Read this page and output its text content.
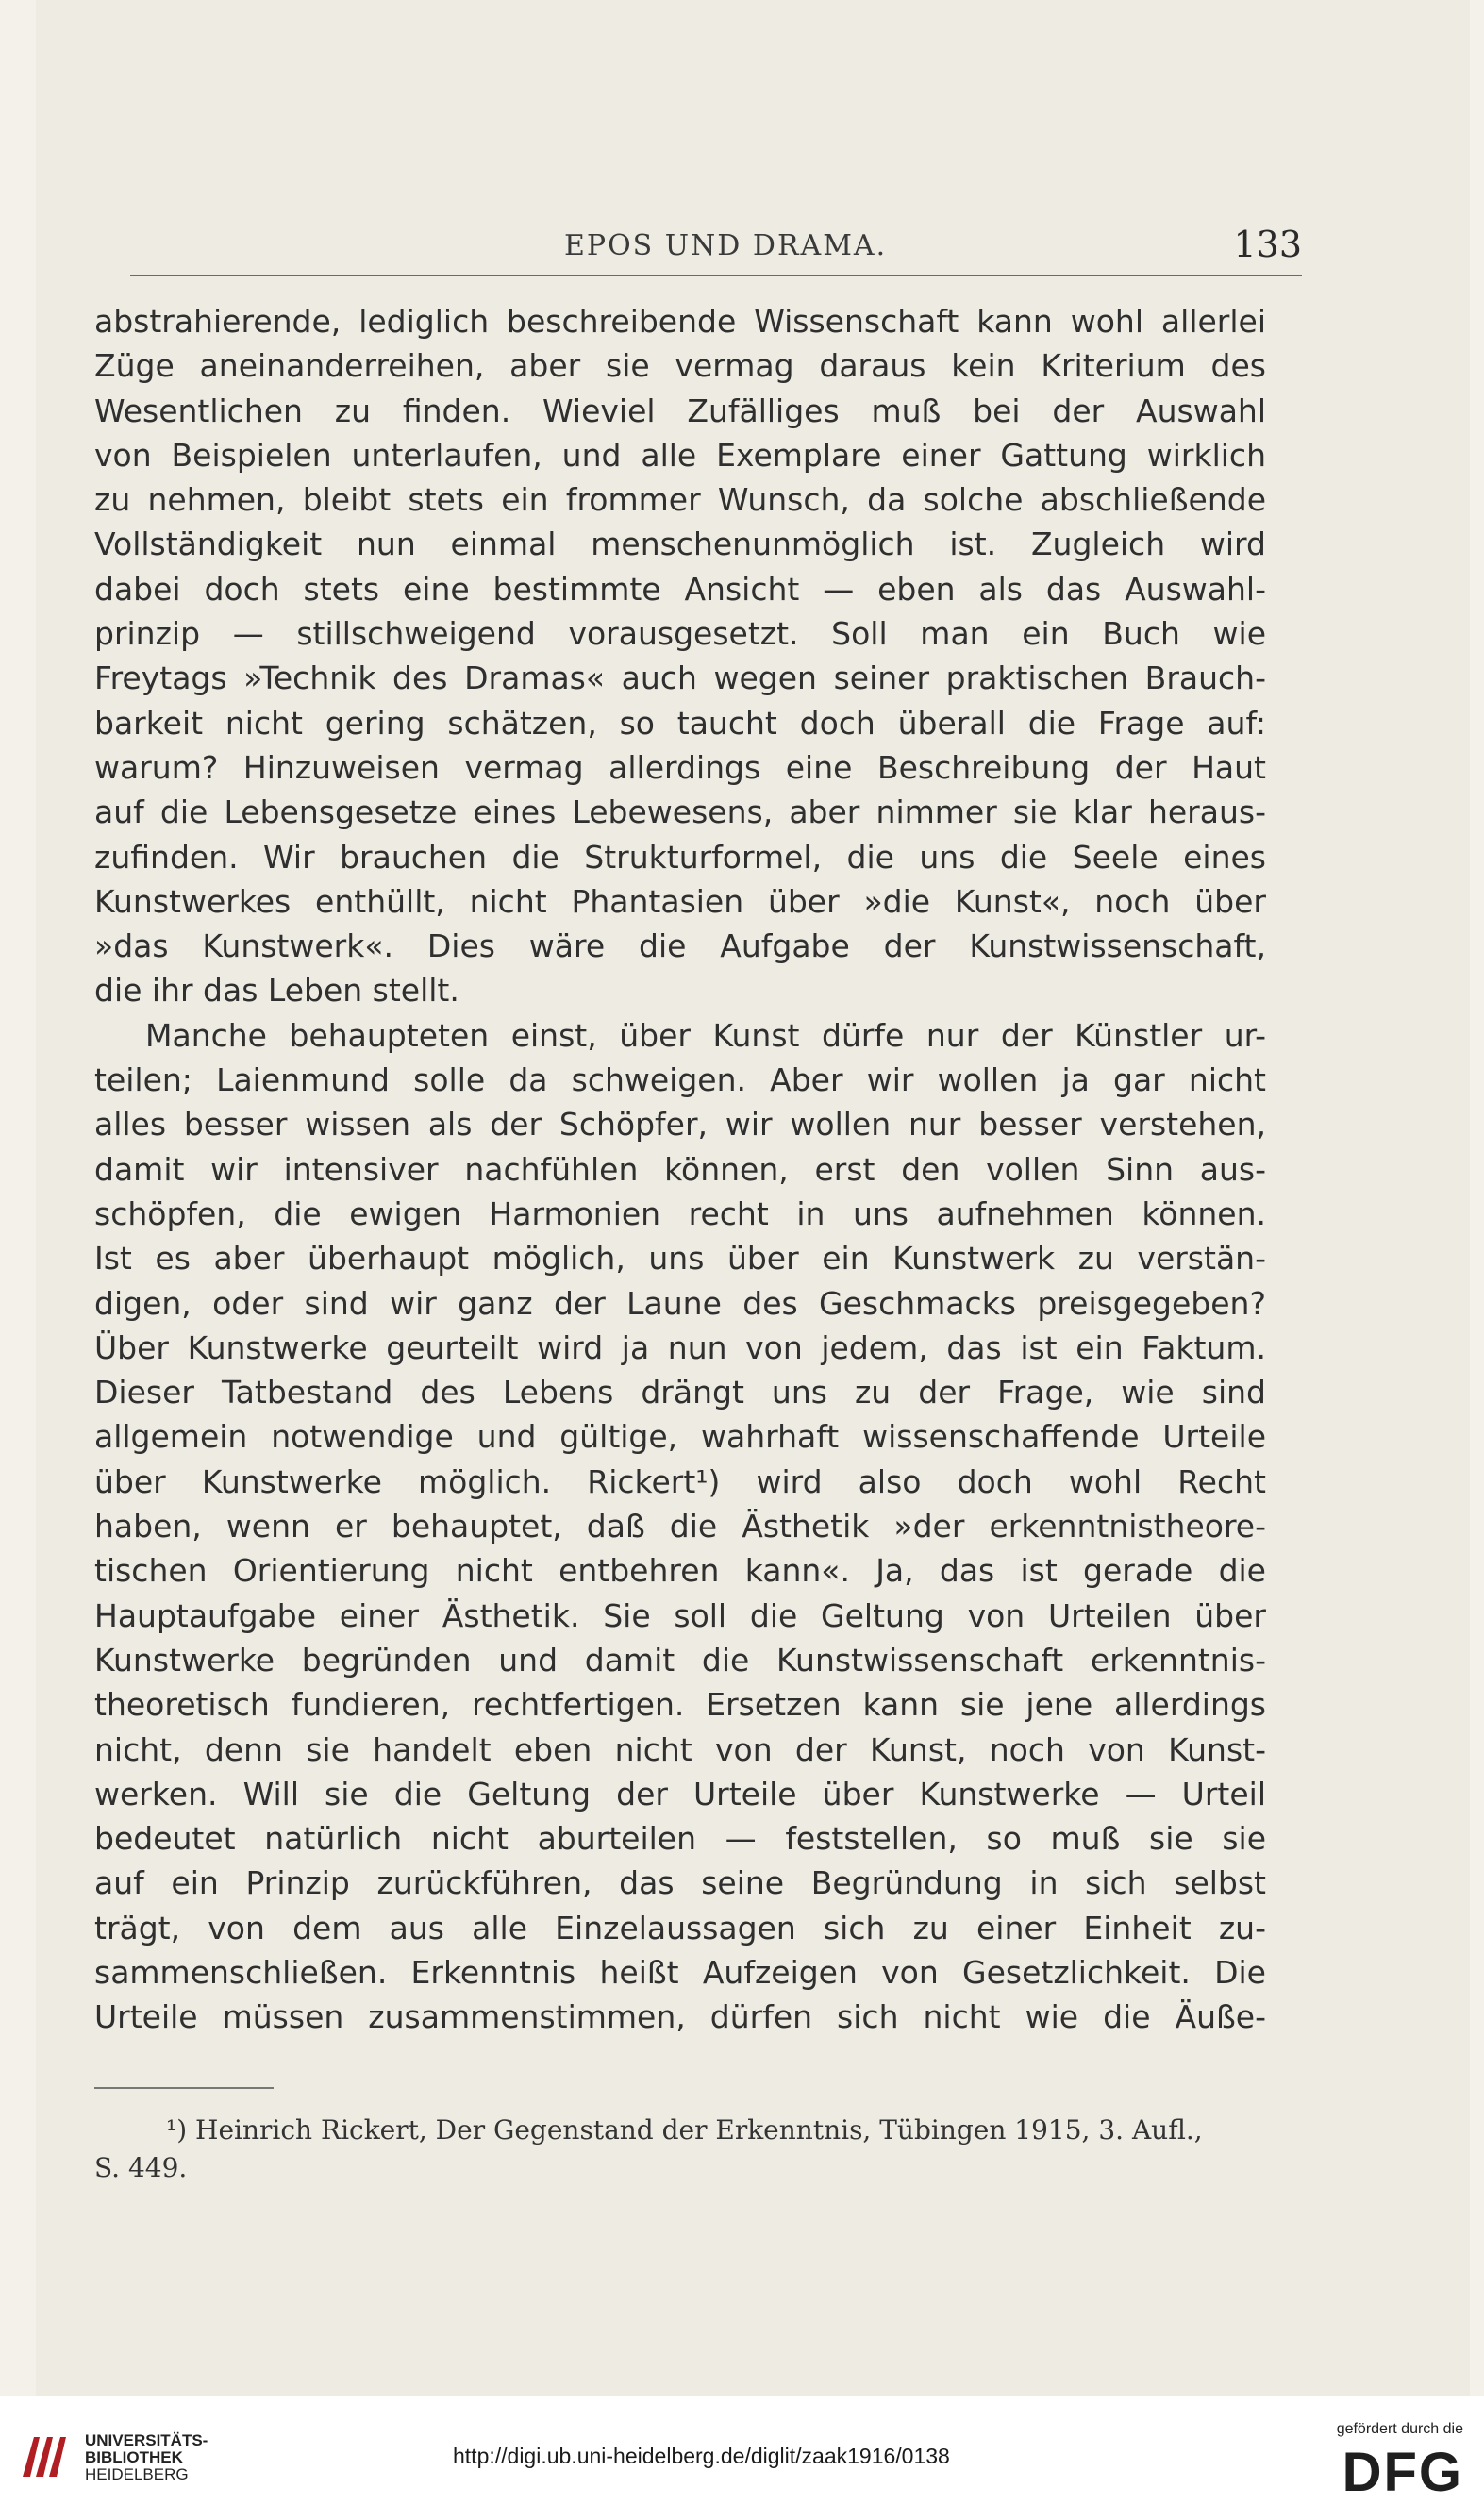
EPOS UND DRAMA.	133

abstrahierende, lediglich beschreibende Wissenschaft kann wohl allerlei
Züge aneinanderreihen, aber sie vermag daraus kein Kriterium des
Wesentlichen zu finden. Wieviel Zufälliges muß bei der Auswahl
von Beispielen unterlaufen, und alle Exemplare einer Gattung wirklich
zu nehmen, bleibt stets ein frommer Wunsch, da solche abschließende
Vollständigkeit nun einmal menschenunmöglich ist. Zugleich wird
dabei doch stets eine bestimmte Ansicht — eben als das Auswahl-
prinzip — stillschweigend vorausgesetzt. Soll man ein Buch wie
Freytags »Technik des Dramas« auch wegen seiner praktischen Brauch-
barkeit nicht gering schätzen, so taucht doch überall die Frage auf:
warum? Hinzuweisen vermag allerdings eine Beschreibung der Haut
auf die Lebensgesetze eines Lebewesens, aber nimmer sie klar heraus-
zufinden. Wir brauchen die Strukturformel, die uns die Seele eines
Kunstwerkes enthüllt, nicht Phantasien über »die Kunst«, noch über
»das Kunstwerk«. Dies wäre die Aufgabe der Kunstwissenschaft,
die ihr das Leben stellt.

Manche behaupteten einst, über Kunst dürfe nur der Künstler ur-
teilen; Laienmund solle da schweigen. Aber wir wollen ja gar nicht
alles besser wissen als der Schöpfer, wir wollen nur besser verstehen,
damit wir intensiver nachfühlen können, erst den vollen Sinn aus-
schöpfen, die ewigen Harmonien recht in uns aufnehmen können.
Ist es aber überhaupt möglich, uns über ein Kunstwerk zu verstän-
digen, oder sind wir ganz der Laune des Geschmacks preisgegeben?
Über Kunstwerke geurteilt wird ja nun von jedem, das ist ein Faktum.
Dieser Tatbestand des Lebens drängt uns zu der Frage, wie sind
allgemein notwendige und gültige, wahrhaft wissenschaffende Urteile
über Kunstwerke möglich. Rickert¹) wird also doch wohl Recht
haben, wenn er behauptet, daß die Ästhetik »der erkenntnistheore-
tischen Orientierung nicht entbehren kann«. Ja, das ist gerade die
Hauptaufgabe einer Ästhetik. Sie soll die Geltung von Urteilen über
Kunstwerke begründen und damit die Kunstwissenschaft erkenntnis-
theoretisch fundieren, rechtfertigen. Ersetzen kann sie jene allerdings
nicht, denn sie handelt eben nicht von der Kunst, noch von Kunst-
werken. Will sie die Geltung der Urteile über Kunstwerke — Urteil
bedeutet natürlich nicht aburteilen — feststellen, so muß sie sie
auf ein Prinzip zurückführen, das seine Begründung in sich selbst
trägt, von dem aus alle Einzelaussagen sich zu einer Einheit zu-
sammenschließen. Erkenntnis heißt Aufzeigen von Gesetzlichkeit. Die
Urteile müssen zusammenstimmen, dürfen sich nicht wie die Äuße-

¹) Heinrich Rickert, Der Gegenstand der Erkenntnis, Tübingen 1915, 3. Aufl.,
S. 449.
UNIVERSITÄTS-
BIBLIOTHEK
HEIDELBERG
http://digi.ub.uni-heidelberg.de/diglit/zaak1916/0138
gefördert durch die
DFG
